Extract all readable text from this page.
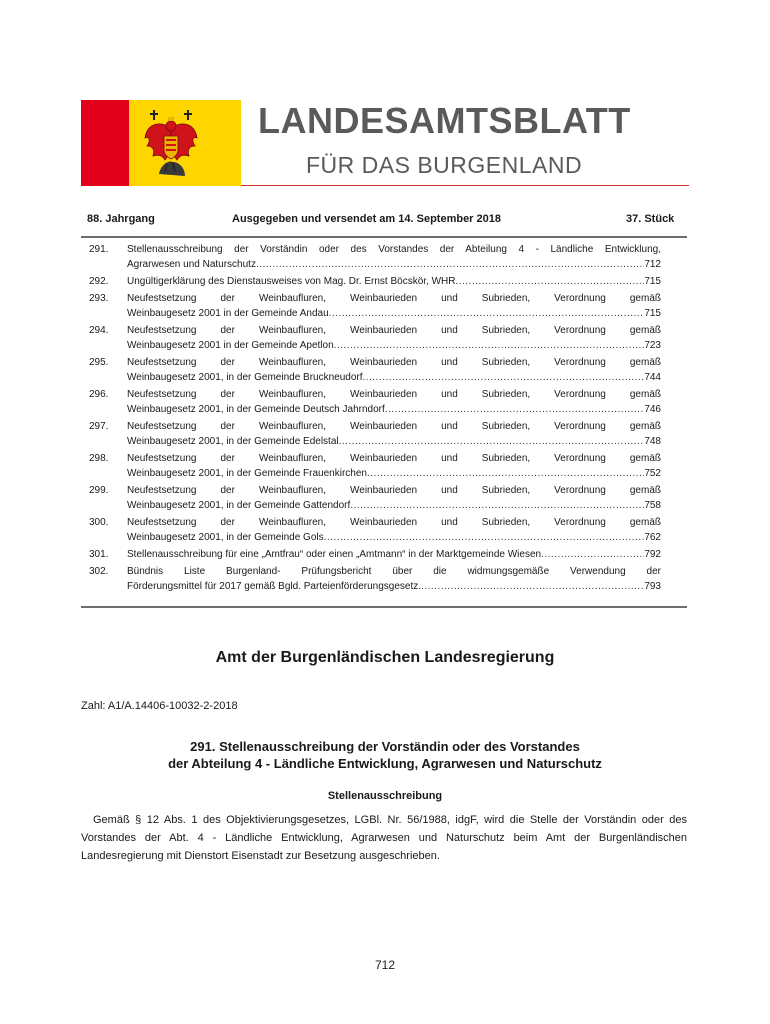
LANDESAMTSBLATT
FÜR DAS BURGENLAND
88. Jahrgang	Ausgegeben und versendet am 14. September 2018	37. Stück
291. Stellenausschreibung der Vorständin oder des Vorstandes der Abteilung 4 - Ländliche Entwicklung,
Agrarwesen und Naturschutz .....	712
292. Ungültigerklärung des Dienstausweises von Mag. Dr. Ernst Böcskör, WHR .....	715
293. Neufestsetzung der Weinbaufluren, Weinbaurieden und Subrieden, Verordnung gemäß
Weinbaugesetz 2001 in der Gemeinde Andau .....	715
294. Neufestsetzung der Weinbaufluren, Weinbaurieden und Subrieden, Verordnung gemäß
Weinbaugesetz 2001 in der Gemeinde Apetlon .....	723
295. Neufestsetzung der Weinbaufluren, Weinbaurieden und Subrieden, Verordnung gemäß
Weinbaugesetz 2001, in der Gemeinde Bruckneudorf .....	744
296. Neufestsetzung der Weinbaufluren, Weinbaurieden und Subrieden, Verordnung gemäß
Weinbaugesetz 2001, in der Gemeinde Deutsch Jahrndorf .....	746
297. Neufestsetzung der Weinbaufluren, Weinbaurieden und Subrieden, Verordnung gemäß
Weinbaugesetz 2001, in der Gemeinde Edelstal .....	748
298. Neufestsetzung der Weinbaufluren, Weinbaurieden und Subrieden, Verordnung gemäß
Weinbaugesetz 2001, in der Gemeinde Frauenkirchen .....	752
299. Neufestsetzung der Weinbaufluren, Weinbaurieden und Subrieden, Verordnung gemäß
Weinbaugesetz 2001, in der Gemeinde Gattendorf .....	758
300. Neufestsetzung der Weinbaufluren, Weinbaurieden und Subrieden, Verordnung gemäß
Weinbaugesetz 2001, in der Gemeinde Gols .....	762
301. Stellenausschreibung für eine „Amtfrau“ oder einen „Amtmann“ in der Marktgemeinde Wiesen .....	792
302. Bündnis Liste Burgenland- Prüfungsbericht über die widmungsgemäße Verwendung der
Förderungsmittel für 2017 gemäß Bgld. Parteienförderungsgesetz. .....	793
Amt der Burgenländischen Landesregierung
Zahl: A1/A.14406-10032-2-2018
291. Stellenausschreibung der Vorständin oder des Vorstandes
der Abteilung 4 - Ländliche Entwicklung, Agrarwesen und Naturschutz
Stellenausschreibung
Gemäß § 12 Abs. 1 des Objektivierungsgesetzes, LGBl. Nr. 56/1988, idgF, wird die Stelle der Vorständin oder des Vorstandes der Abt. 4 - Ländliche Entwicklung, Agrarwesen und Naturschutz beim Amt der Burgenländischen Landesregierung mit Dienstort Eisenstadt zur Besetzung ausgeschrieben.
712
